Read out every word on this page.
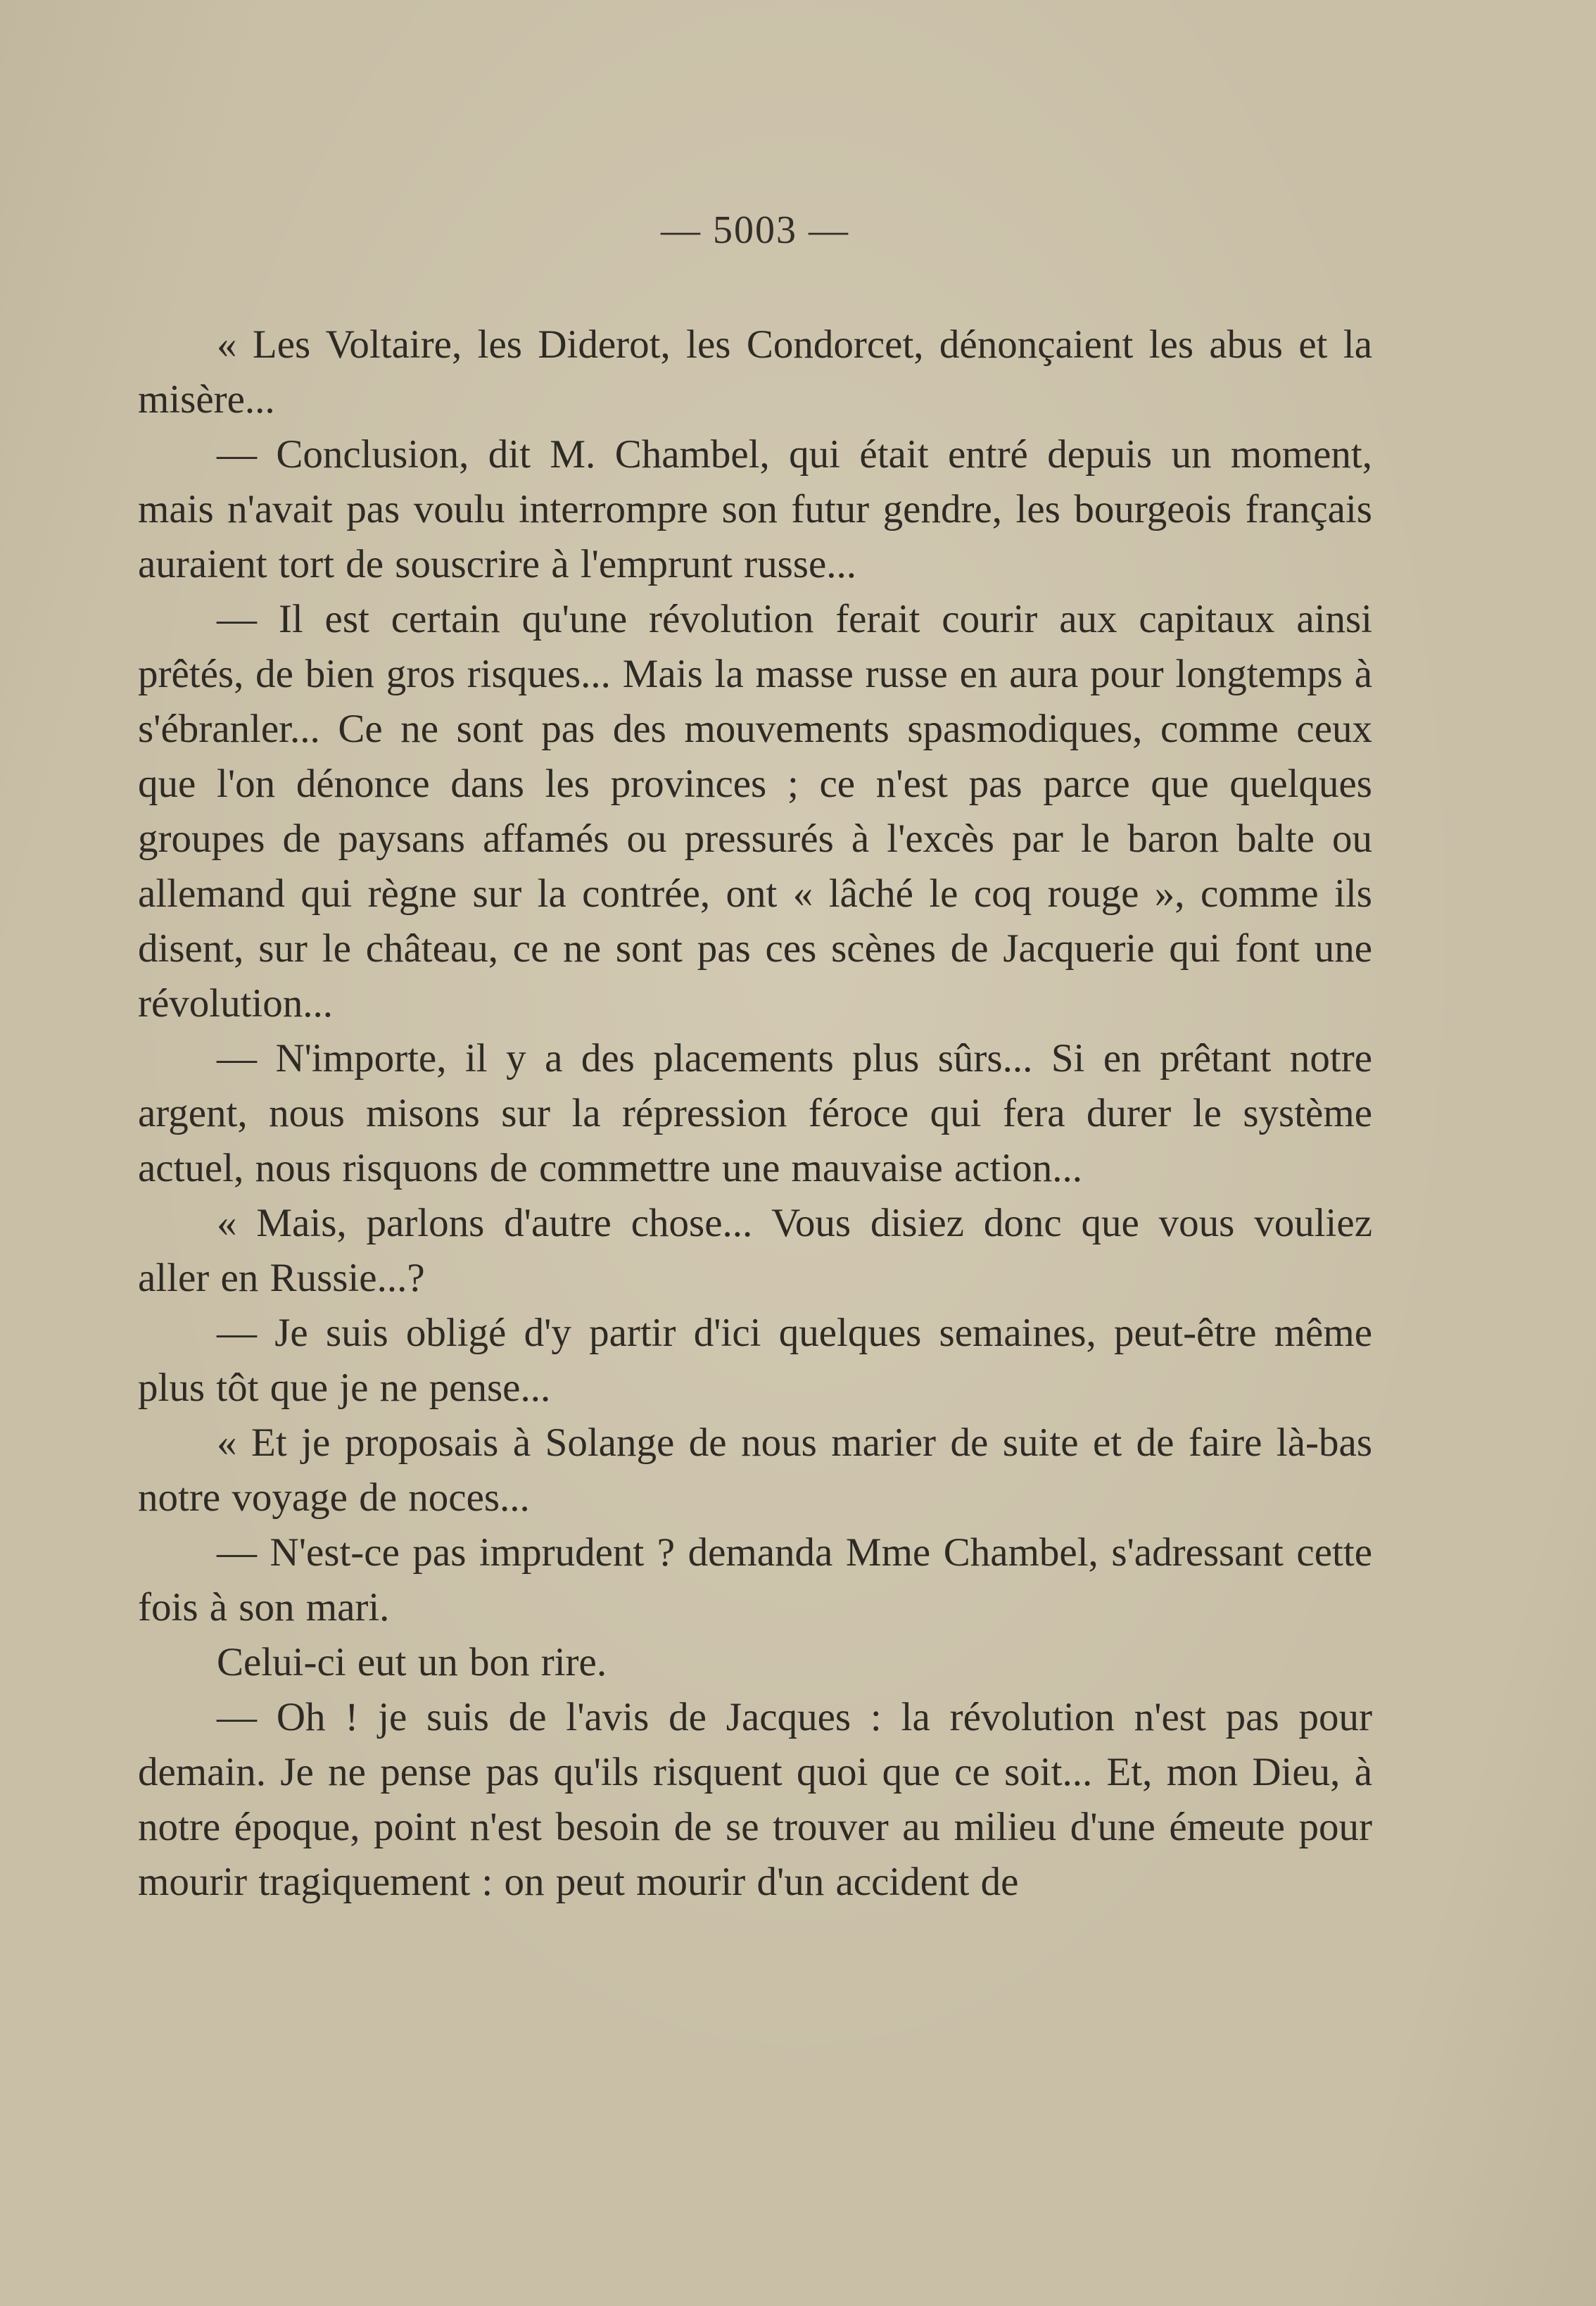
— 5003 —

« Les Voltaire, les Diderot, les Condorcet, dénonçaient les abus et la misère...

— Conclusion, dit M. Chambel, qui était entré depuis un moment, mais n'avait pas voulu interrompre son futur gendre, les bourgeois français auraient tort de souscrire à l'emprunt russe...

— Il est certain qu'une révolution ferait courir aux capitaux ainsi prêtés, de bien gros risques... Mais la masse russe en aura pour longtemps à s'ébranler... Ce ne sont pas des mouvements spasmodiques, comme ceux que l'on dénonce dans les provinces ; ce n'est pas parce que quelques groupes de paysans affamés ou pressurés à l'excès par le baron balte ou allemand qui règne sur la contrée, ont « lâché le coq rouge », comme ils disent, sur le château, ce ne sont pas ces scènes de Jacquerie qui font une révolution...

— N'importe, il y a des placements plus sûrs... Si en prêtant notre argent, nous misons sur la répression féroce qui fera durer le système actuel, nous risquons de commettre une mauvaise action...

« Mais, parlons d'autre chose... Vous disiez donc que vous vouliez aller en Russie...?

— Je suis obligé d'y partir d'ici quelques semaines, peut-être même plus tôt que je ne pense...

« Et je proposais à Solange de nous marier de suite et de faire là-bas notre voyage de noces...

— N'est-ce pas imprudent ? demanda Mme Chambel, s'adressant cette fois à son mari.

Celui-ci eut un bon rire.

— Oh ! je suis de l'avis de Jacques : la révolution n'est pas pour demain. Je ne pense pas qu'ils risquent quoi que ce soit... Et, mon Dieu, à notre époque, point n'est besoin de se trouver au milieu d'une émeute pour mourir tragiquement : on peut mourir d'un accident de
